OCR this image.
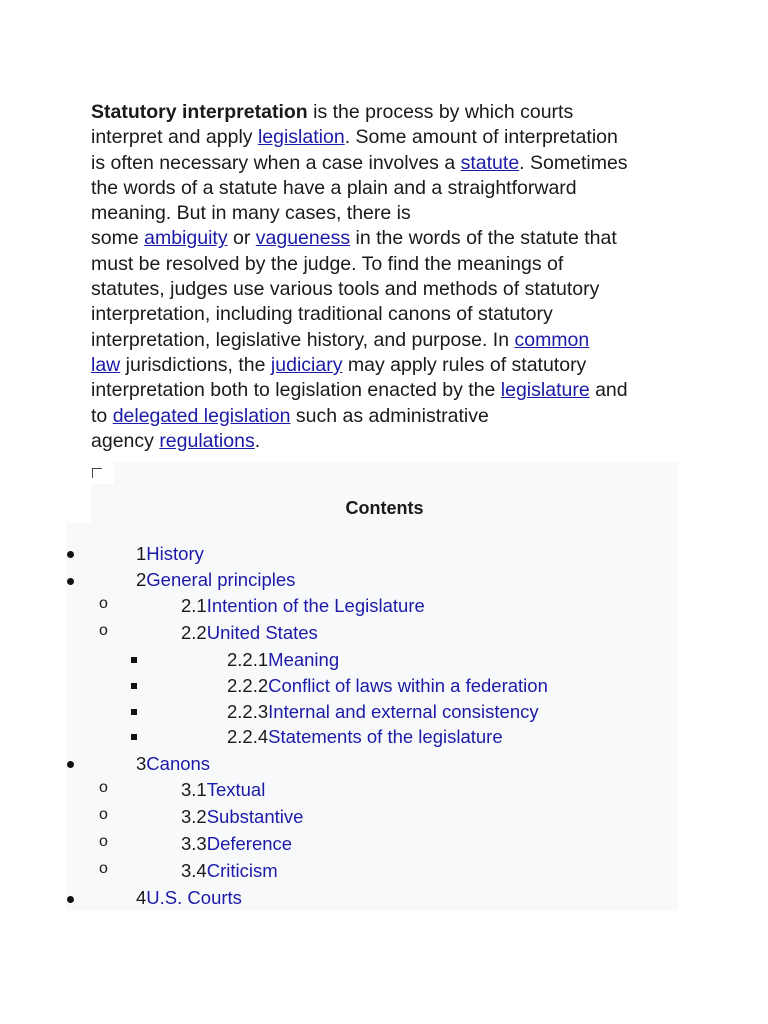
Statutory interpretation is the process by which courts
interpret and apply legislation. Some amount of interpretation
is often necessary when a case involves a statute. Sometimes
the words of a statute have a plain and a straightforward
meaning. But in many cases, there is
some ambiguity or vagueness in the words of the statute that
must be resolved by the judge. To find the meanings of
statutes, judges use various tools and methods of statutory
interpretation, including traditional canons of statutory
interpretation, legislative history, and purpose. In common
law jurisdictions, the judiciary may apply rules of statutory
interpretation both to legislation enacted by the legislature and
to delegated legislation such as administrative
agency regulations.
Contents
1History
2General principles
o	2.1Intention of the Legislature
o	2.2United States
2.2.1Meaning
2.2.2Conflict of laws within a federation
2.2.3Internal and external consistency
2.2.4Statements of the legislature
3Canons
o	3.1Textual
o	3.2Substantive
o	3.3Deference
o	3.4Criticism
4U.S. Courts
